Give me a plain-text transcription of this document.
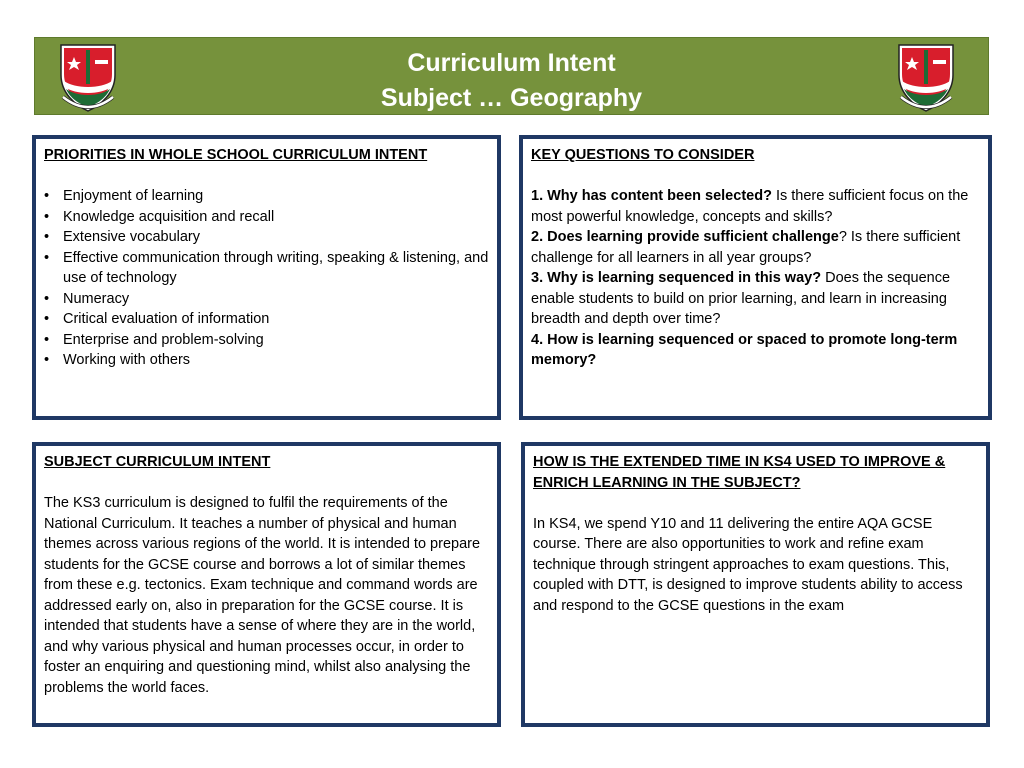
Curriculum Intent
Subject … Geography
PRIORITIES IN WHOLE SCHOOL CURRICULUM INTENT
• Enjoyment of learning
• Knowledge acquisition and recall
• Extensive vocabulary
• Effective communication through writing, speaking & listening, and use of technology
• Numeracy
• Critical evaluation of information
• Enterprise and problem-solving
• Working with others
KEY QUESTIONS TO CONSIDER
1. Why has content been selected? Is there sufficient focus on the most powerful knowledge, concepts and skills?
2. Does learning provide sufficient challenge? Is there sufficient challenge for all learners in all year groups?
3. Why is learning sequenced in this way? Does the sequence enable students to build on prior learning, and learn in increasing breadth and depth over time?
4. How is learning sequenced or spaced to promote long-term memory?
SUBJECT CURRICULUM INTENT
The KS3 curriculum is designed to fulfil the requirements of the National Curriculum. It teaches a number of physical and human themes across various regions of the world. It is intended to prepare students for the GCSE course and borrows a lot of similar themes from these e.g. tectonics. Exam technique and command words are addressed early on, also in preparation for the GCSE course. It is intended that students have a sense of where they are in the world, and why various physical and human processes occur, in order to foster an enquiring and questioning mind, whilst also analysing the problems the world faces.
HOW IS THE EXTENDED TIME IN KS4 USED TO IMPROVE & ENRICH LEARNING IN THE SUBJECT?
In KS4, we spend Y10 and 11 delivering the entire AQA GCSE course. There are also opportunities to work and refine exam technique through stringent approaches to exam questions. This, coupled with DTT, is designed to improve students ability to access and respond to the GCSE questions in the exam
